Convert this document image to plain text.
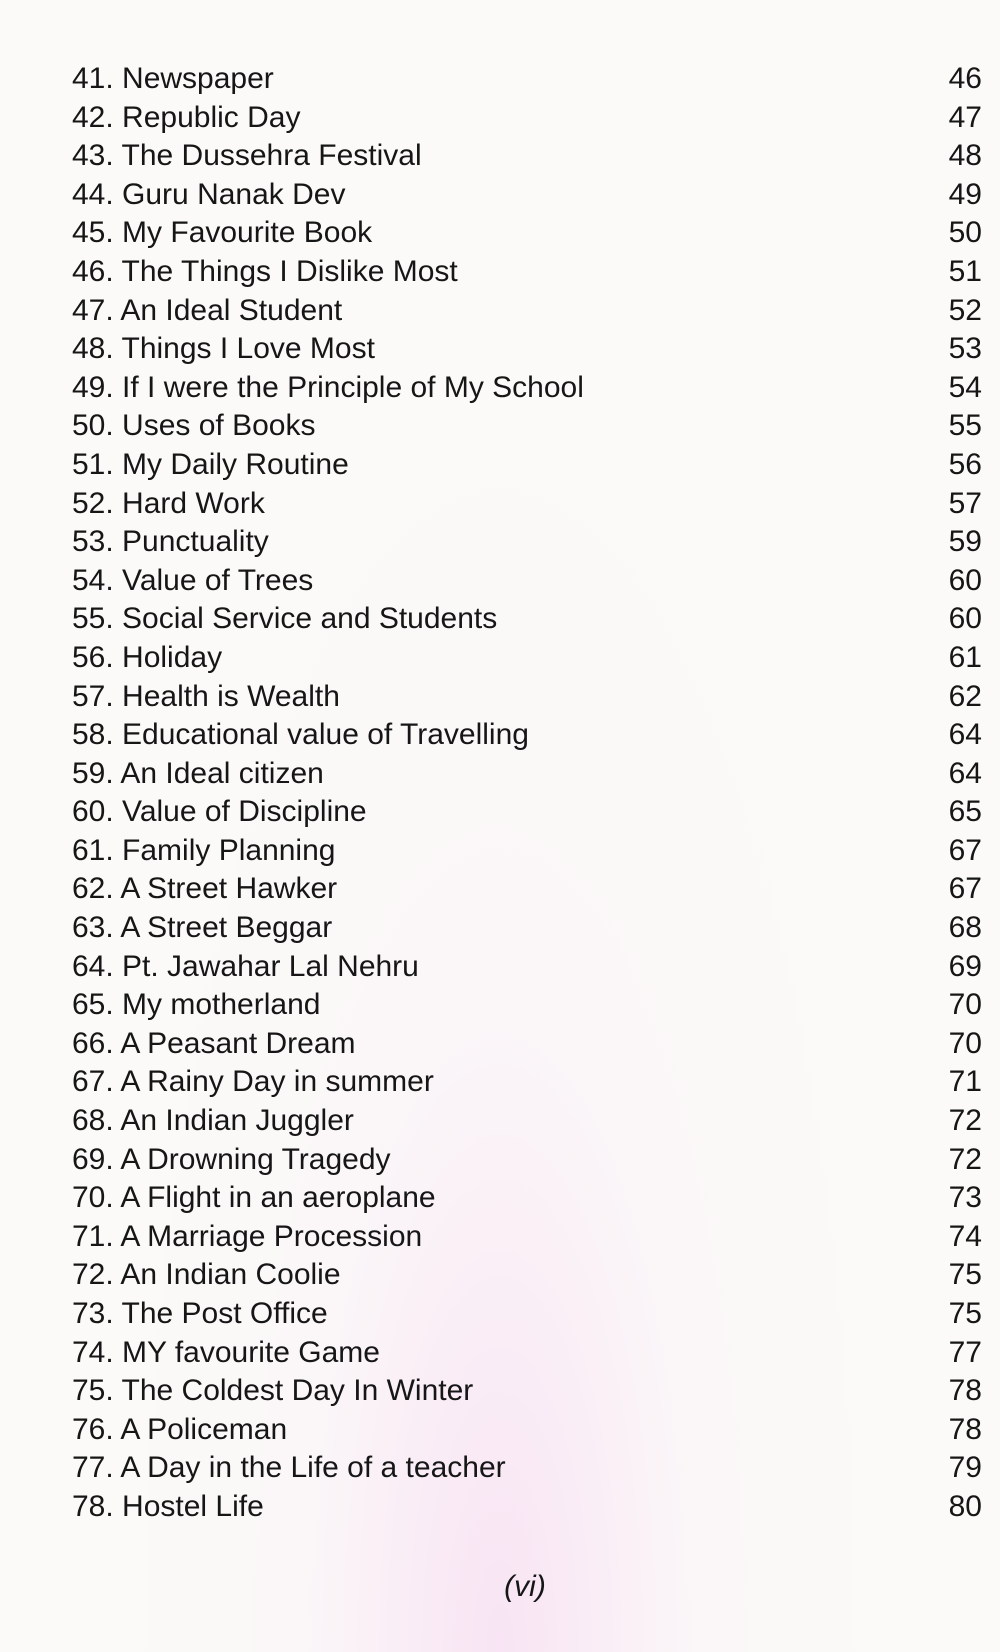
41. Newspaper	46
42. Republic Day	47
43. The Dussehra Festival	48
44. Guru Nanak Dev	49
45. My Favourite Book	50
46. The Things I Dislike Most	51
47. An Ideal Student	52
48. Things I Love Most	53
49. If I were the Principle of My School	54
50. Uses of Books	55
51. My Daily Routine	56
52. Hard Work	57
53. Punctuality	59
54. Value of Trees	60
55. Social Service and Students	60
56. Holiday	61
57. Health is Wealth	62
58. Educational value of Travelling	64
59. An Ideal citizen	64
60. Value of Discipline	65
61. Family Planning	67
62. A Street Hawker	67
63. A Street Beggar	68
64. Pt. Jawahar Lal Nehru	69
65. My motherland	70
66. A Peasant Dream	70
67. A Rainy Day in summer	71
68. An Indian Juggler	72
69. A Drowning Tragedy	72
70. A Flight in an aeroplane	73
71. A Marriage Procession	74
72. An Indian Coolie	75
73. The Post Office	75
74. MY favourite Game	77
75. The Coldest Day In Winter	78
76. A Policeman	78
77. A Day in the Life of a teacher	79
78. Hostel Life	80
(vi)
